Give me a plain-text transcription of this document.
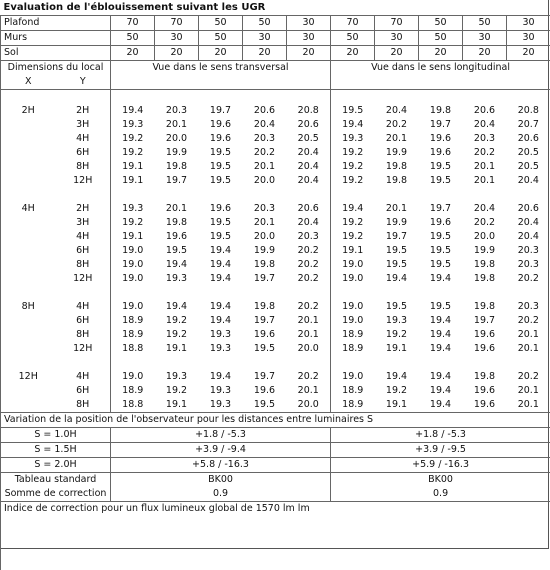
Evaluation de l'éblouissement suivant les UGR											
Plafond		70	70	50	50	30	70	70	50	50	30
Murs		50	30	50	30	30	50	30	50	30	30
Sol		20	20	20	20	20	20	20	20	20	20
Dimensions du local		Vue dans le sens transversal					Vue dans le sens longitudinal				
X	Y										

2H	2H	19.4	20.3	19.7	20.6	20.8	19.5	20.4	19.8	20.6	20.8
	3H	19.3	20.1	19.6	20.4	20.6	19.4	20.2	19.7	20.4	20.7
	4H	19.2	20.0	19.6	20.3	20.5	19.3	20.1	19.6	20.3	20.6
	6H	19.2	19.9	19.5	20.2	20.4	19.2	19.9	19.6	20.2	20.5
	8H	19.1	19.8	19.5	20.1	20.4	19.2	19.8	19.5	20.1	20.5
	12H	19.1	19.7	19.5	20.0	20.4	19.2	19.8	19.5	20.1	20.4

4H	2H	19.3	20.1	19.6	20.3	20.6	19.4	20.1	19.7	20.4	20.6
	3H	19.2	19.8	19.5	20.1	20.4	19.2	19.9	19.6	20.2	20.4
	4H	19.1	19.6	19.5	20.0	20.3	19.2	19.7	19.5	20.0	20.4
	6H	19.0	19.5	19.4	19.9	20.2	19.1	19.5	19.5	19.9	20.3
	8H	19.0	19.4	19.4	19.8	20.2	19.0	19.5	19.5	19.8	20.3
	12H	19.0	19.3	19.4	19.7	20.2	19.0	19.4	19.4	19.8	20.2

8H	4H	19.0	19.4	19.4	19.8	20.2	19.0	19.5	19.5	19.8	20.3
	6H	18.9	19.2	19.4	19.7	20.1	19.0	19.3	19.4	19.7	20.2
	8H	18.9	19.2	19.3	19.6	20.1	18.9	19.2	19.4	19.6	20.1
	12H	18.8	19.1	19.3	19.5	20.0	18.9	19.1	19.4	19.6	20.1

12H	4H	19.0	19.3	19.4	19.7	20.2	19.0	19.4	19.4	19.8	20.2
	6H	18.9	19.2	19.3	19.6	20.1	18.9	19.2	19.4	19.6	20.1
	8H	18.8	19.1	19.3	19.5	20.0	18.9	19.1	19.4	19.6	20.1
Variation de la position de l'observateur pour les distances entre luminaires S											
S = 1.0H		+1.8 / -5.3					+1.8 / -5.3				
S = 1.5H		+3.9 / -9.4					+3.9 / -9.5				
S = 2.0H		+5.8 / -16.3					+5.9 / -16.3				
Tableau standard		BK00					BK00				
Somme de correction		0.9					0.9				
Indice de correction pour un flux lumineux global de 1570 lm lm											
